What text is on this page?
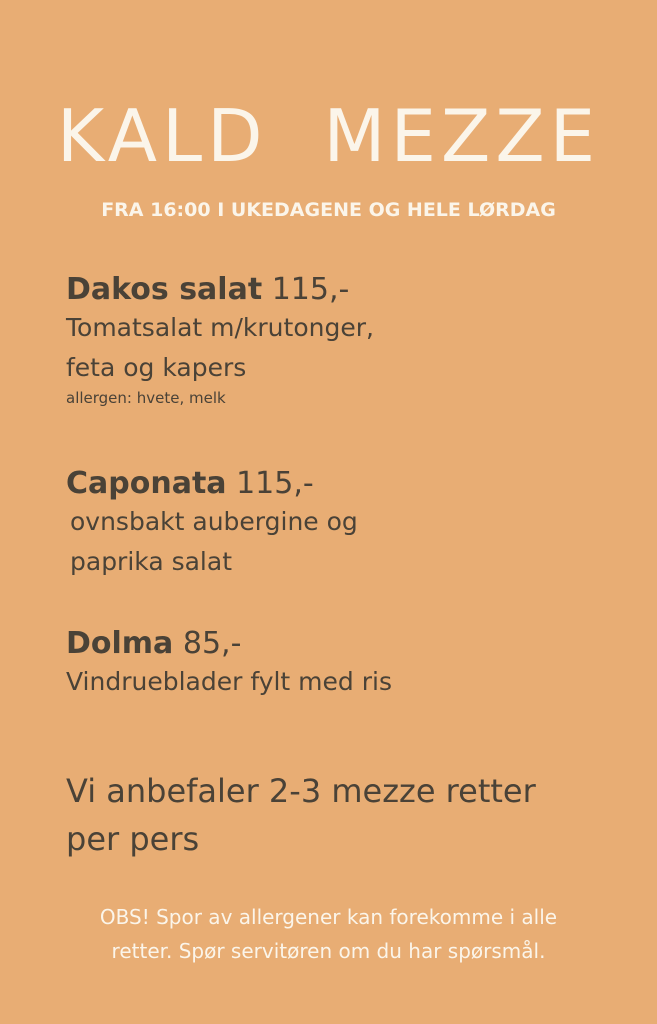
KALD  MEZZE
FRA 16:00 I UKEDAGENE OG HELE LØRDAG
Dakos salat 115,-
Tomatsalat m/krutonger,
feta og kapers
allergen: hvete, melk
Caponata 115,-
ovnsbakt aubergine og
paprika salat
Dolma 85,-
Vindrueblader fylt med ris
Vi anbefaler 2-3 mezze retter
per pers
OBS! Spor av allergener kan forekomme i alle
retter. Spør servitøren om du har spørsmål.
